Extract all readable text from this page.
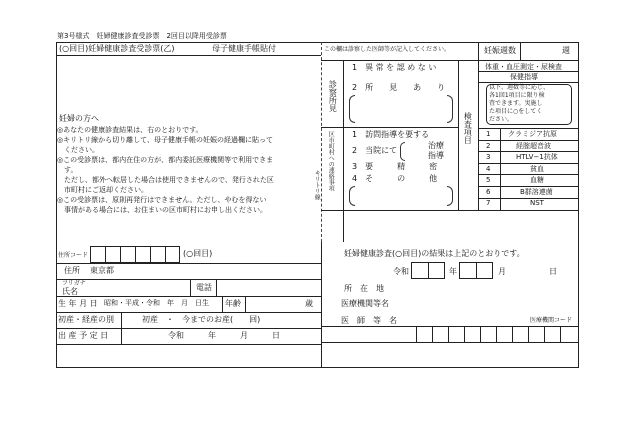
第3号様式　妊婦健康診査受診票　2回目以降用受診票
キリトリ線
(○回目)妊婦健康診査受診票(乙)	母子健康手帳貼付
妊婦の方へ
◎あなたの健康診査結果は、右のとおりです。
◎キリトリ線から切り離して、母子健康手帳の妊娠の経過欄に貼って
　ください。
◎この受診票は、都内在住の方が、都内委託医療機関等で利用できま
　す。
　ただし、都外へ転居した場合は使用できませんので、発行された区
　市町村にご返却ください。
◎この受診票は、原則再発行はできません。ただし、やむを得ない
　事情がある場合には、お住まいの区市町村にお申し出ください。
住所コード	(○回目)
住所 東京都
フリガナ
氏名	電話
生 年 月 日 昭和・平成・令和　年　月　日生 年齢	歳
初産・経産の別	初産　・　今までのお産(　　回)
出 産 予 定 日	令和　　　年　　　月　　　日
この欄は診察した医師等が記入してください。	妊娠週数	週
診察所見
1　異 常 を 認 め な い
2　所　　見　　あ　　り
区市町村への連絡事項 1　訪問指導を要する
2　当院にて
治療
指導
3　要　　　精　　　密
4　そ　　　の　　　他
検査項目
体重・血圧測定・尿検査
保健指導
以下、週数等に応じ、
各1回1項目に限り検
査できます。実施し
た項目に○をしてく
ださい。
1	クラミジア抗原
2	経腟超音波
3	HTLV−1抗体
4	貧血
5	血糖
6	B群溶連菌
7	NST
妊婦健康診査(○回目)の結果は上記のとおりです。
令和	年	月	日
所　在　地
医療機関等名
医　師　等　名	医療機関コード
